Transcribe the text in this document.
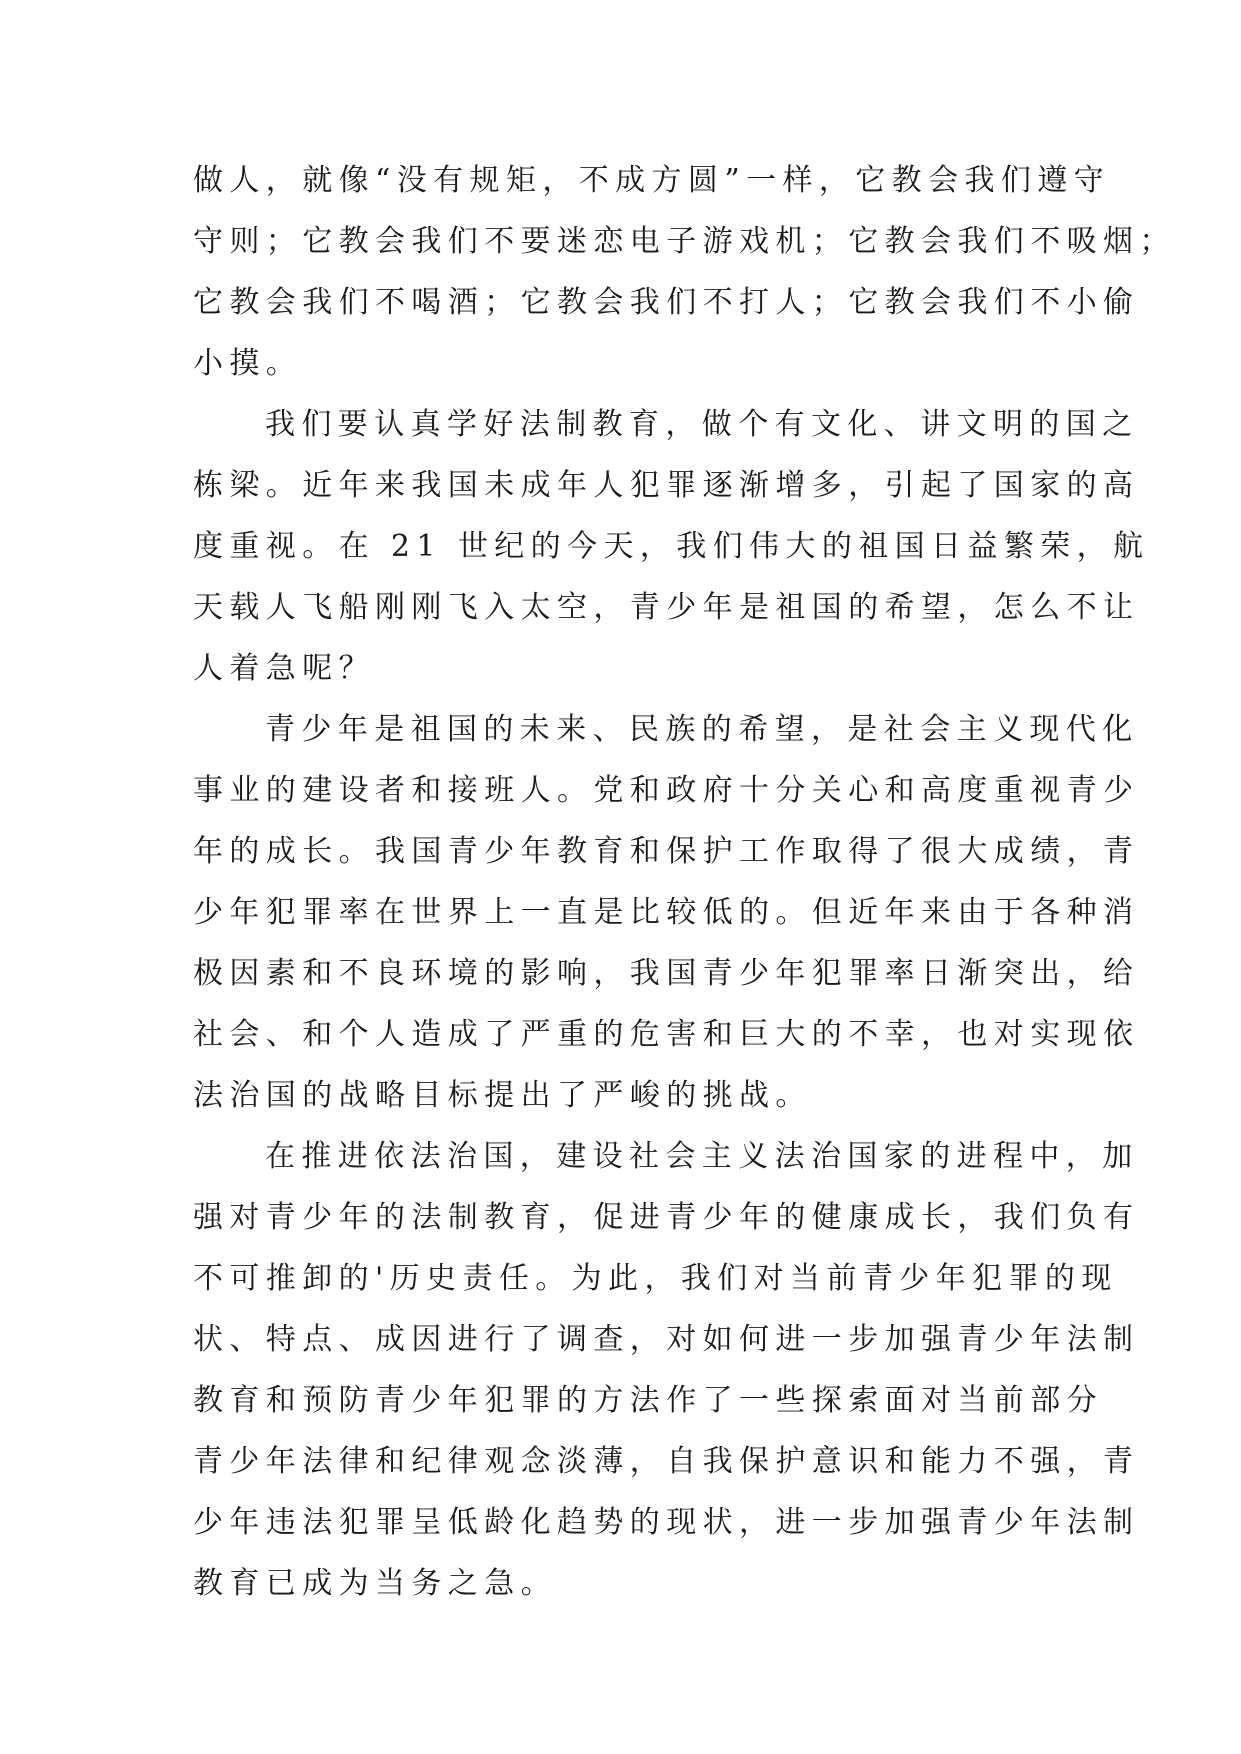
做人，就像“没有规矩，不成方圆”一样，它教会我们遵守
守则；它教会我们不要迷恋电子游戏机；它教会我们不吸烟；
它教会我们不喝酒；它教会我们不打人；它教会我们不小偷
小摸。
我们要认真学好法制教育，做个有文化、讲文明的国之
栋梁。近年来我国未成年人犯罪逐渐增多，引起了国家的高
度重视。在 21 世纪的今天，我们伟大的祖国日益繁荣，航
天载人飞船刚刚飞入太空，青少年是祖国的希望，怎么不让
人着急呢？
青少年是祖国的未来、民族的希望，是社会主义现代化
事业的建设者和接班人。党和政府十分关心和高度重视青少
年的成长。我国青少年教育和保护工作取得了很大成绩，青
少年犯罪率在世界上一直是比较低的。但近年来由于各种消
极因素和不良环境的影响，我国青少年犯罪率日渐突出，给
社会、和个人造成了严重的危害和巨大的不幸，也对实现依
法治国的战略目标提出了严峻的挑战。
在推进依法治国，建设社会主义法治国家的进程中，加
强对青少年的法制教育，促进青少年的健康成长，我们负有
不可推卸的'历史责任。为此，我们对当前青少年犯罪的现
状、特点、成因进行了调查，对如何进一步加强青少年法制
教育和预防青少年犯罪的方法作了一些探索面对当前部分
青少年法律和纪律观念淡薄，自我保护意识和能力不强，青
少年违法犯罪呈低龄化趋势的现状，进一步加强青少年法制
教育已成为当务之急。
